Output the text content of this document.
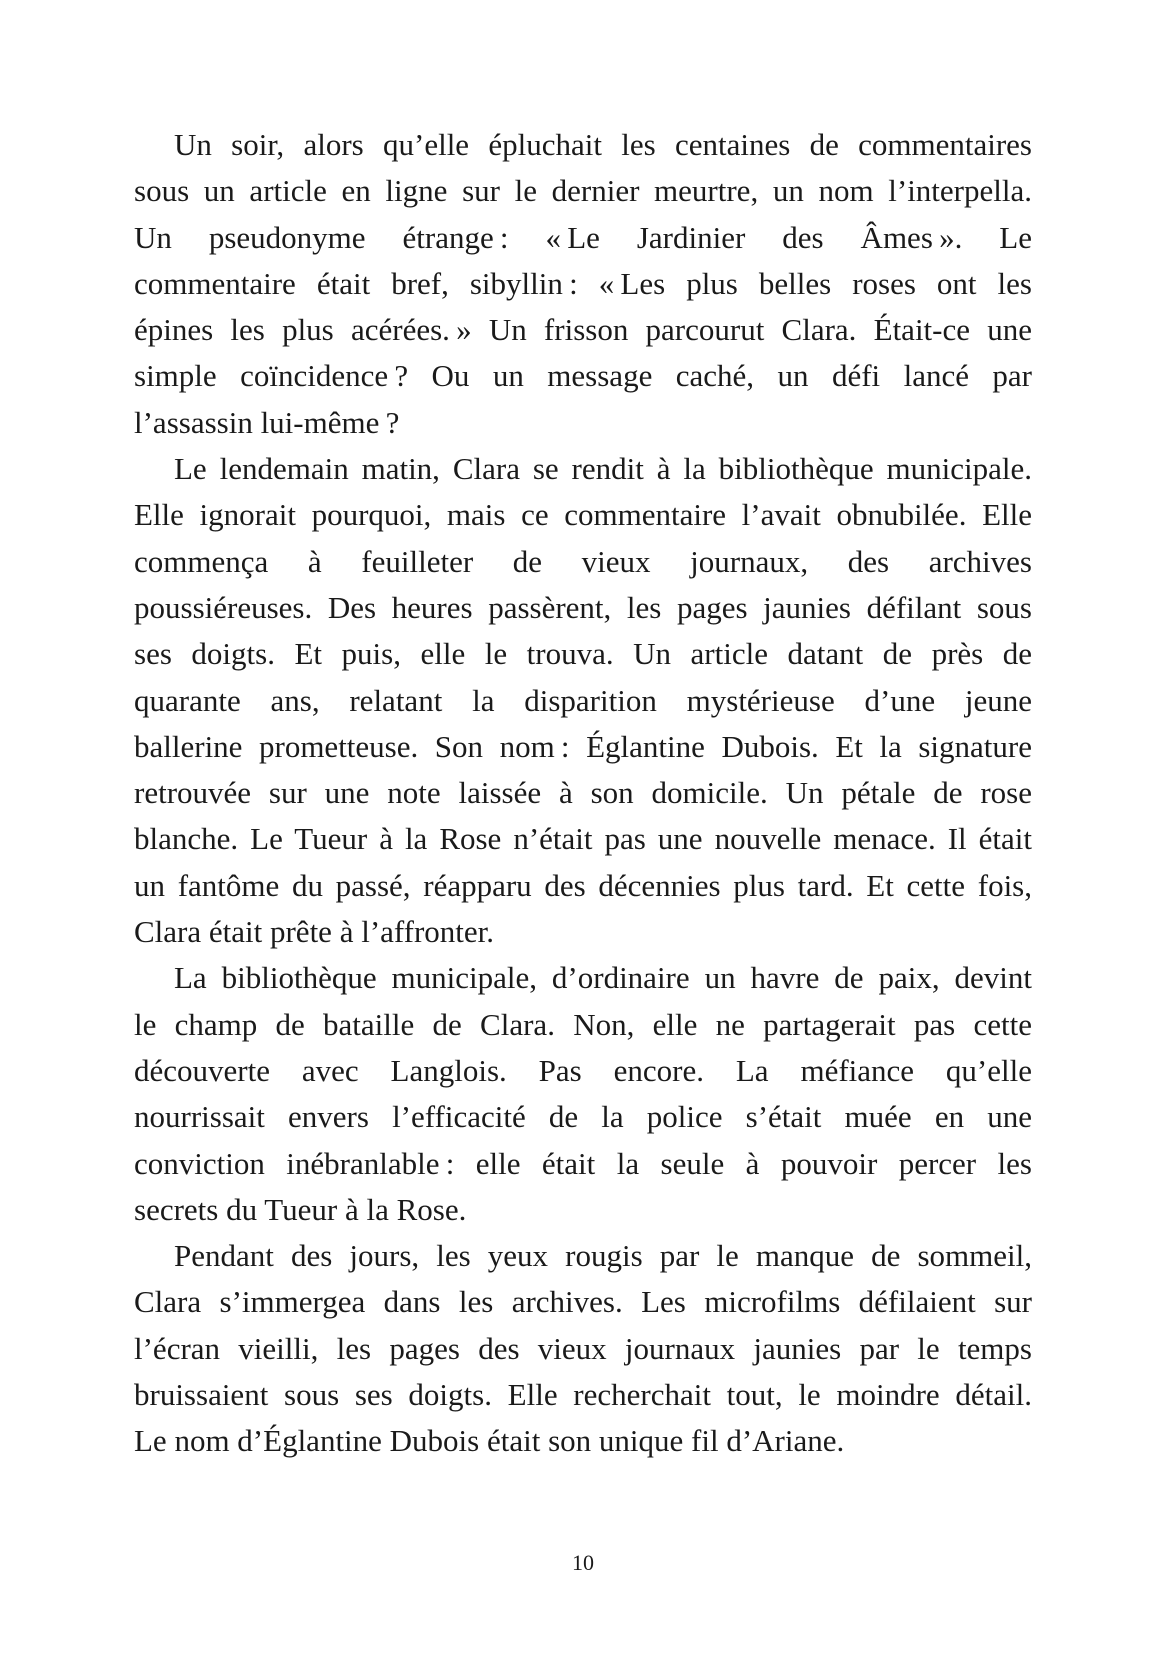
Un soir, alors qu’elle épluchait les centaines de commentaires
sous un article en ligne sur le dernier meurtre, un nom l’interpella.
Un pseudonyme étrange : « Le Jardinier des Âmes ». Le
commentaire était bref, sibyllin : « Les plus belles roses ont les
épines les plus acérées. » Un frisson parcourut Clara. Était-ce une
simple coïncidence ? Ou un message caché, un défi lancé par
l’assassin lui-même ?

Le lendemain matin, Clara se rendit à la bibliothèque municipale.
Elle ignorait pourquoi, mais ce commentaire l’avait obnubilée. Elle
commença à feuilleter de vieux journaux, des archives
poussiéreuses. Des heures passèrent, les pages jaunies défilant sous
ses doigts. Et puis, elle le trouva. Un article datant de près de
quarante ans, relatant la disparition mystérieuse d’une jeune
ballerine prometteuse. Son nom : Églantine Dubois. Et la signature
retrouvée sur une note laissée à son domicile. Un pétale de rose
blanche. Le Tueur à la Rose n’était pas une nouvelle menace. Il était
un fantôme du passé, réapparu des décennies plus tard. Et cette fois,
Clara était prête à l’affronter.

La bibliothèque municipale, d’ordinaire un havre de paix, devint
le champ de bataille de Clara. Non, elle ne partagerait pas cette
découverte avec Langlois. Pas encore. La méfiance qu’elle
nourrissait envers l’efficacité de la police s’était muée en une
conviction inébranlable : elle était la seule à pouvoir percer les
secrets du Tueur à la Rose.

Pendant des jours, les yeux rougis par le manque de sommeil,
Clara s’immergea dans les archives. Les microfilms défilaient sur
l’écran vieilli, les pages des vieux journaux jaunies par le temps
bruissaient sous ses doigts. Elle recherchait tout, le moindre détail.
Le nom d’Églantine Dubois était son unique fil d’Ariane.

10
